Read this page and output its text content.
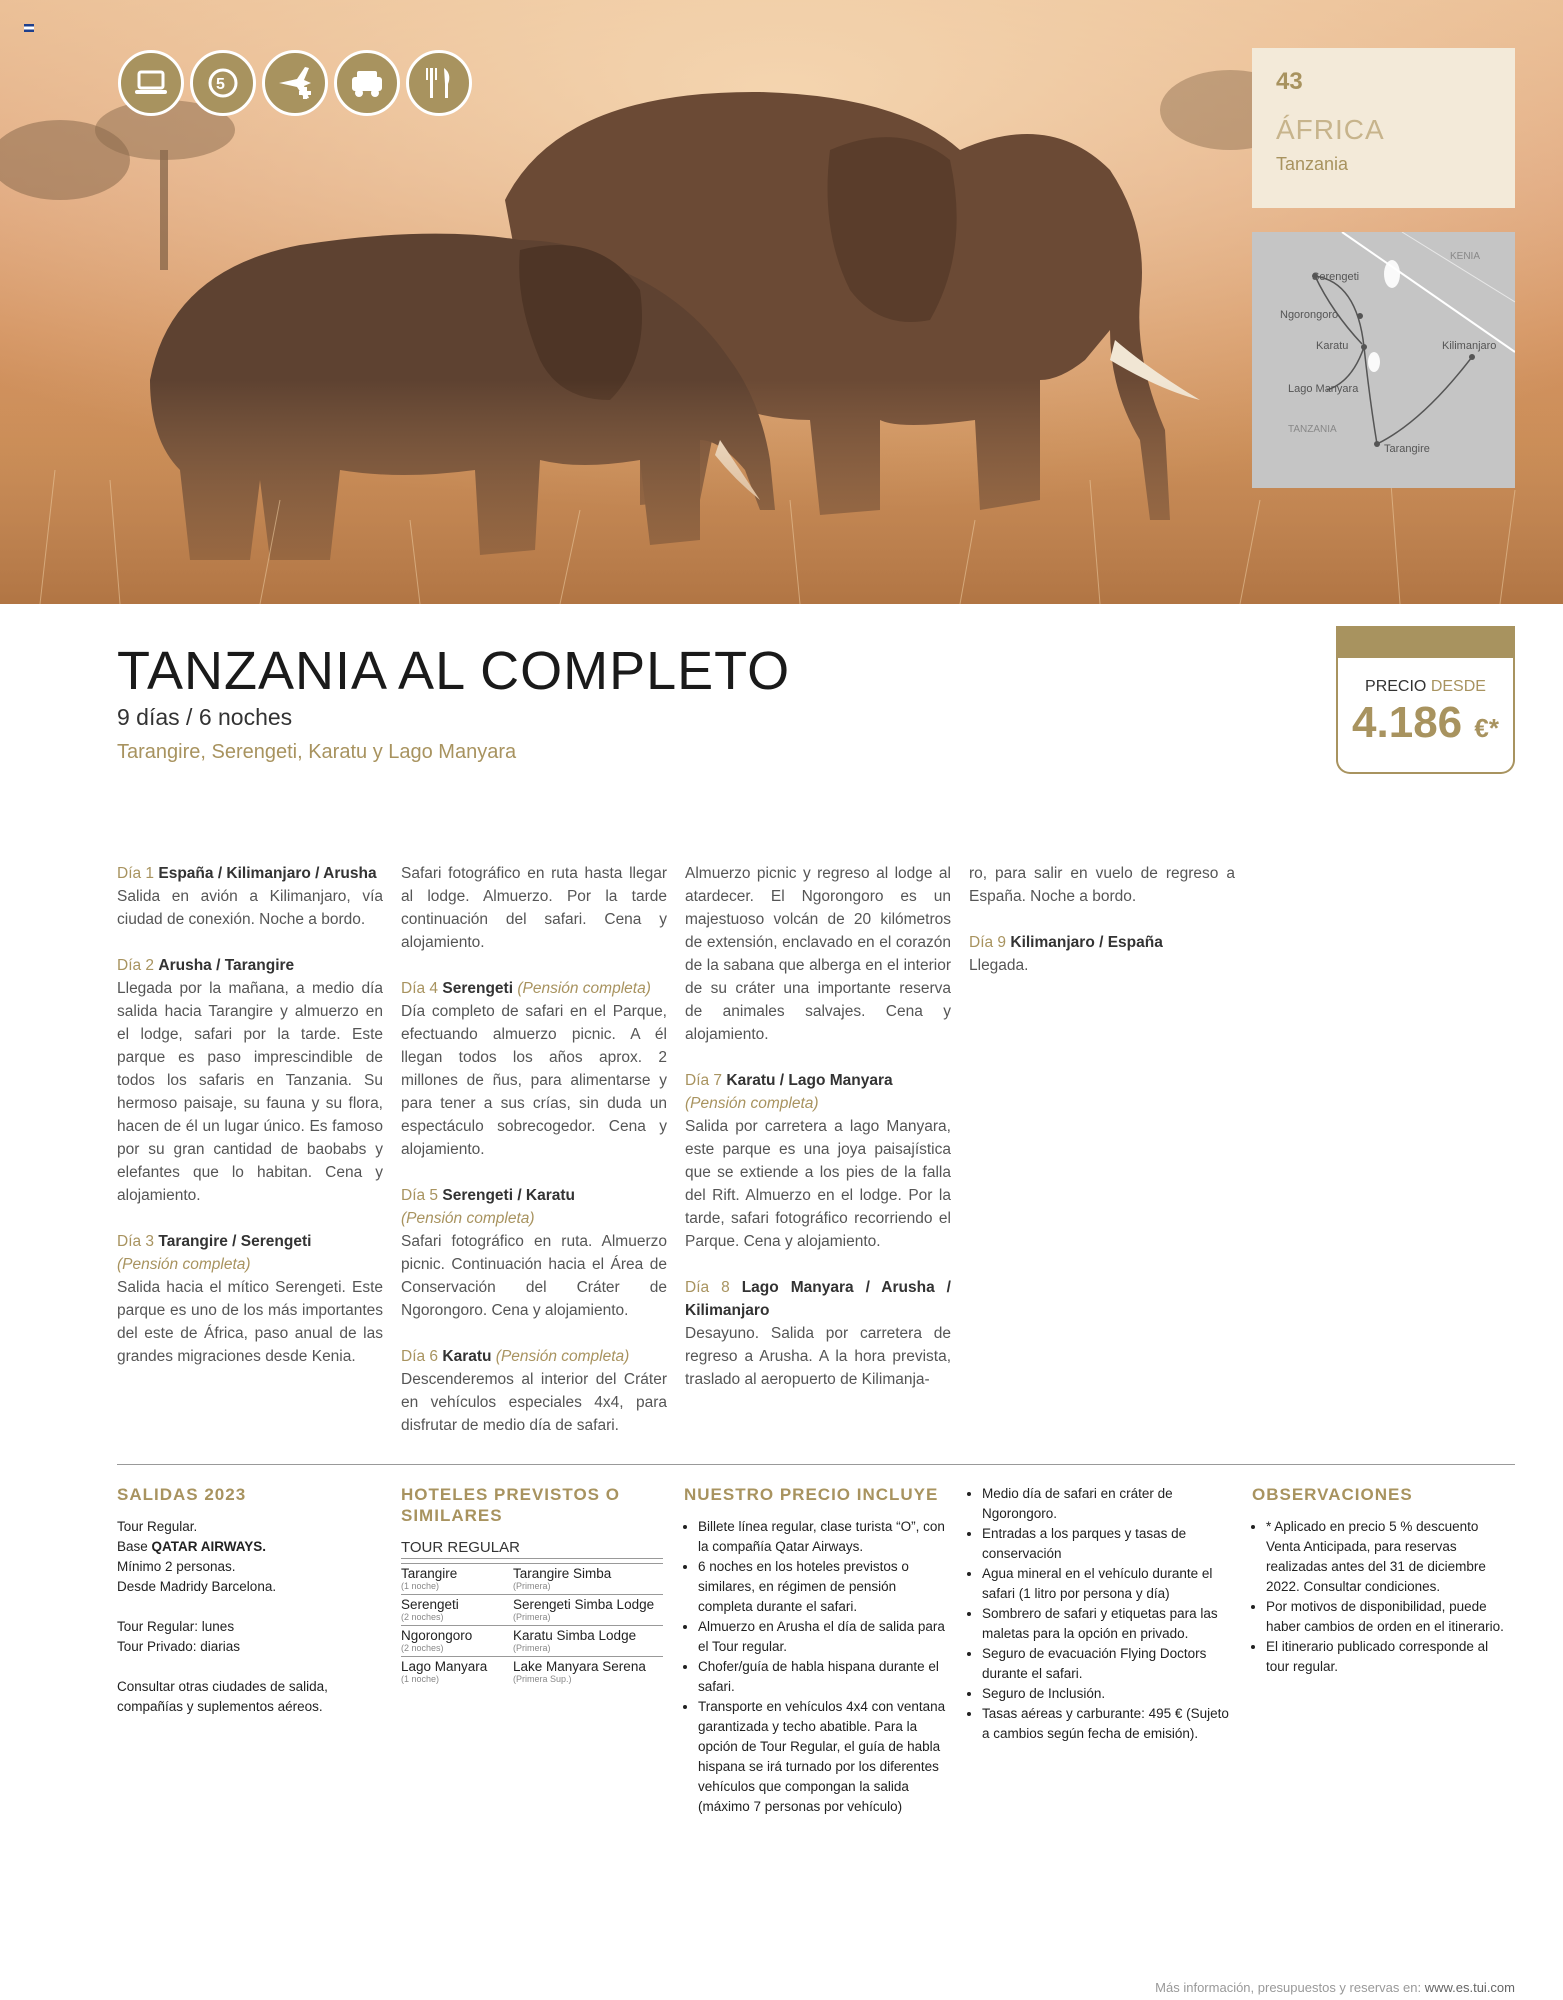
5	43
ÁFRICA
Tanzania
KENIA
Serengeti
Ngorongoro
Karatu	Kilimanjaro
Lago Manyara
TANZANIA
Tarangire
TANZANIA AL COMPLETO
9 días / 6 noches
Tarangire, Serengeti, Karatu y Lago Manyara
PRECIO DESDE
4.186 €*

Día 1 España / Kilimanjaro / Arusha
Salida en avión a Kilimanjaro, vía ciudad de conexión. Noche a bordo.

Día 2 Arusha / Tarangire
Llegada por la mañana, a medio día salida hacia Tarangire y almuerzo en el lodge, safari por la tarde. Este parque es paso imprescindible de todos los safaris en Tanzania. Su hermoso paisaje, su fauna y su flora, hacen de él un lugar único. Es famoso por su gran cantidad de baobabs y elefantes que lo habitan. Cena y alojamiento.

Día 3 Tarangire / Serengeti
(Pensión completa)
Salida hacia el mítico Serengeti. Este parque es uno de los más importantes del este de África, paso anual de las grandes migraciones desde Kenia.

Safari fotográfico en ruta hasta llegar al lodge. Almuerzo. Por la tarde continuación del safari. Cena y alojamiento.

Día 4 Serengeti (Pensión completa)
Día completo de safari en el Parque, efectuando almuerzo picnic. A él llegan todos los años aprox. 2 millones de ñus, para alimentarse y para tener a sus crías, sin duda un espectáculo sobrecogedor. Cena y alojamiento.

Día 5 Serengeti / Karatu
(Pensión completa)
Safari fotográfico en ruta. Almuerzo picnic. Continuación hacia el Área de Conservación del Cráter de Ngorongoro. Cena y alojamiento.

Día 6 Karatu (Pensión completa)
Descenderemos al interior del Cráter en vehículos especiales 4x4, para disfrutar de medio día de safari.

Almuerzo picnic y regreso al lodge al atardecer. El Ngorongoro es un majestuoso volcán de 20 kilómetros de extensión, enclavado en el corazón de la sabana que alberga en el interior de su cráter una importante reserva de animales salvajes. Cena y alojamiento.

Día 7 Karatu / Lago Manyara
(Pensión completa)
Salida por carretera a lago Manyara, este parque es una joya paisajística que se extiende a los pies de la falla del Rift. Almuerzo en el lodge. Por la tarde, safari fotográfico recorriendo el Parque. Cena y alojamiento.

Día 8 Lago Manyara / Arusha / Kilimanjaro
Desayuno. Salida por carretera de regreso a Arusha. A la hora prevista, traslado al aeropuerto de Kilimanja-

ro, para salir en vuelo de regreso a España. Noche a bordo.

Día 9 Kilimanjaro / España
Llegada.

SALIDAS 2023
Tour Regular.
Base QATAR AIRWAYS.
Mínimo 2 personas.
Desde Madridy Barcelona.
Tour Regular: lunes
Tour Privado: diarias
Consultar otras ciudades de salida, compañías y suplementos aéreos.
HOTELES PREVISTOS O SIMILARES
TOUR REGULAR
Tarangire
(1 noche)	Tarangire Simba
(Primera)

Serengeti
(2 noches)	Serengeti Simba Lodge
(Primera)

Ngorongoro
(2 noches)	Karatu Simba Lodge
(Primera)

Lago Manyara
(1 noche)	Lake Manyara Serena
(Primera Sup.)
NUESTRO PRECIO INCLUYE
• Billete línea regular, clase turista “O”, con la compañía Qatar Airways.
• 6 noches en los hoteles previstos o similares, en régimen de pensión completa durante el safari.
• Almuerzo en Arusha el día de salida para el Tour regular.
• Chofer/guía de habla hispana durante el safari.
• Transporte en vehículos 4x4 con ventana garantizada y techo abatible. Para la opción de Tour Regular, el guía de habla hispana se irá turnado por los diferentes vehículos que compongan la salida (máximo 7 personas por vehículo)
• Medio día de safari en cráter de Ngorongoro.
• Entradas a los parques y tasas de conservación
• Agua mineral en el vehículo durante el safari (1 litro por persona y día)
• Sombrero de safari y etiquetas para las maletas para la opción en privado.
• Seguro de evacuación Flying Doctors durante el safari.
• Seguro de Inclusión.
• Tasas aéreas y carburante: 495 € (Sujeto a cambios según fecha de emisión).
OBSERVACIONES
• * Aplicado en precio 5 % descuento Venta Anticipada, para reservas realizadas antes del 31 de diciembre 2022. Consultar condiciones.
• Por motivos de disponibilidad, puede haber cambios de orden en el itinerario.
• El itinerario publicado corresponde al tour regular.
Más información, presupuestos y reservas en: www.es.tui.com
